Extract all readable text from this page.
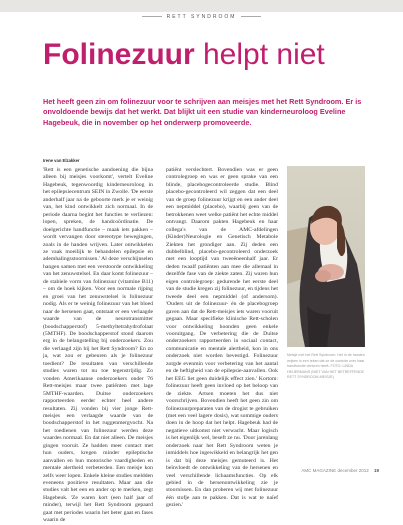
RETT SYNDROOM
Folinezuur helpt niet
Het heeft geen zin om folinezuur voor te schrijven aan meisjes met het Rett Syndroom. Er is onvoldoende bewijs dat het werkt. Dat blijkt uit een studie van kinderneuroloog Eveline Hagebeuk, die in november op het onderwerp promoveerde.
Irene van Elzakker

'Rett is een genetische aandoening die bijna alleen bij meisjes voorkomt', vertelt Eveline Hagebeuk, tegenwoordig kinderneuroloog in het epilepsiecentrum SEIN in Zwolle. 'De eerste anderhalf jaar na de geboorte merk je er weinig van, het kind ontwikkelt zich normaal. In de periode daarna begint het functies te verliezen: lopen, spreken, de handcoördinatie. De doelgerichte handfunctie – maak iets pakken – wordt vervangen door stereotype bewegingen, zoals in de handen wrijven. Later ontwikkelen ze vaak moeilijk te behandelen epilepsie en ademhalingsstoornissen.' Al deze verschijnselen hangen samen met een verstoorde ontwikkeling van het zenuwstelsel. En daar komt folinezuur – de stabiele vorm van folinezuur (vitamine B11) – om de hoek kijken. Voor een normale rijping en groei van het zenuwstelsel is folinezuur nodig. Als er te weinig folinezuur van het bloed naar de hersenen gaat, ontstaat er een verlaagde waarde van de neurotransmitter (boodschapperstof) 5-methyltetrahydrofolaat (5MTHF). De boodschapperstof stond daarom erg in de belangstelling bij onderzoekers. Zou die verlaagd zijn bij het Rett Syndroom? En zo ja, wat zou er gebeuren als je folinezuur toedient? De resultaten van verschillende studies waren tot nu toe tegenstrijdig. Zo vonden Amerikaanse onderzoekers onder 76 Rett-meisjes maar twee patiënten met lage 5MTHF-waarden. Duitse onderzoekers rapporteerden eerder echter heel andere resultaten. Zij vonden bij vier jonge Rett-meisjes een verlaagde waarde van de boodschapperstof in het ruggenmergvocht. Na het toedienen van folinezuur werden deze waardes normaal. En dat niet alleen. De meisjes gingen vooruit. Ze hadden meer contact met hun ouders, kregen minder epileptische aanvallen en hun motorische vaardigheden en mentale alertheid verbeterden. Een meisje kon zelfs weer lopen. Enkele kleine studies meldden eveneens positieve resultaten. Maar aan die studies valt het een en ander op te merken, zegt Hagebeuk. 'Ze waren kort (een half jaar of minder), terwijl het Rett Syndroom gepaard gaat met periodes waarin het beter gaat en fases waarin de

patiënt verslechtert. Bovendien was er geen controlegroep en was er geen sprake van een blinde, placebogecontroleerde studie. Blind placebo-gecontroleerd wil zeggen dat een deel van de groep folinezuur krijgt en een ander deel een nepmiddel (placebo), waarbij geen van de betrokkenen weet welke patiënt het echte middel ontvangt. Daarom pakten Hagebeuk en haar collega's van de AMC-afdelingen (Kinder)Neurologie en Genetisch Metabole Ziekten het grondiger aan. Zij deden een dubbelblind, placebo-gecontroleerd onderzoek met een looptijd van tweeëneenhalf jaar. Er deden twaalf patiënten aan mee die allemaal in dezelfde fase van de ziekte zaten. Zij waren hun eigen controlegroep: gedurende het eerste deel van de studie kregen zij folinezuur, en tijdens het tweede deel een nepmiddel (of andersom). 'Ouders uit de folinezuur- én de placebogroep gaven aan dat de Rett-meisjes iets waren vooruit gegaan. Maar specifieke klinische Rett-scholen voor ontwikkeling hoonden geen enkele vooruitgang. De verbetering die de Duitse onderzoekers rapporteerden in sociaal contact, communicatie en mentale alertheid, kon in ons onderzoek niet worden bevestigd. Folinezuur zorgde evenmin voor verbetering van het aantal en de heftigheid van de epilepsie-aanvallen. Ook het EEG liet geen duidelijk effect zien.' Kortom: folinezuur heeft geen invloed op het beloop van de ziekte. Artsen moeten het dus niet voorschrijven. Bovendien heeft het geen zin om folinezuurpreparaten van de drogist te gebruiken (met een veel lagere dosis), wat sommige ouders doen in de hoop dat het helpt. Hagebeuk had de negatieve uitkomst niet verwacht. Maar logisch is het eigenlijk wel, beseft ze nu. 'Door jarenlang onderzoek naar het Rett Syndroom weten je inmiddels hoe ingewikkeld en belangrijk het gen is dat bij deze meisjes gemuteerd is. Het beïnvloedt de ontwikkeling van de hersenen en veel verschillende lichaamsfuncties. Op elk gebied in de hersenontwikkeling zie je stoornissen. En dan proberen wij met folinezuur één stofje aan te pakken. Dat is wat te naïef gezien.'

Meisje met het Rett Syndroom. Het in de handen wrijven is een teken dat ze de controle over haar handfunctie verloren heeft. FOTO: LINDA HEIJERMANS (NIET VAN HET BETREFFENDE RETT SYNDROOM-MEISJE)
AMC MAGAZINE december 2012 19
